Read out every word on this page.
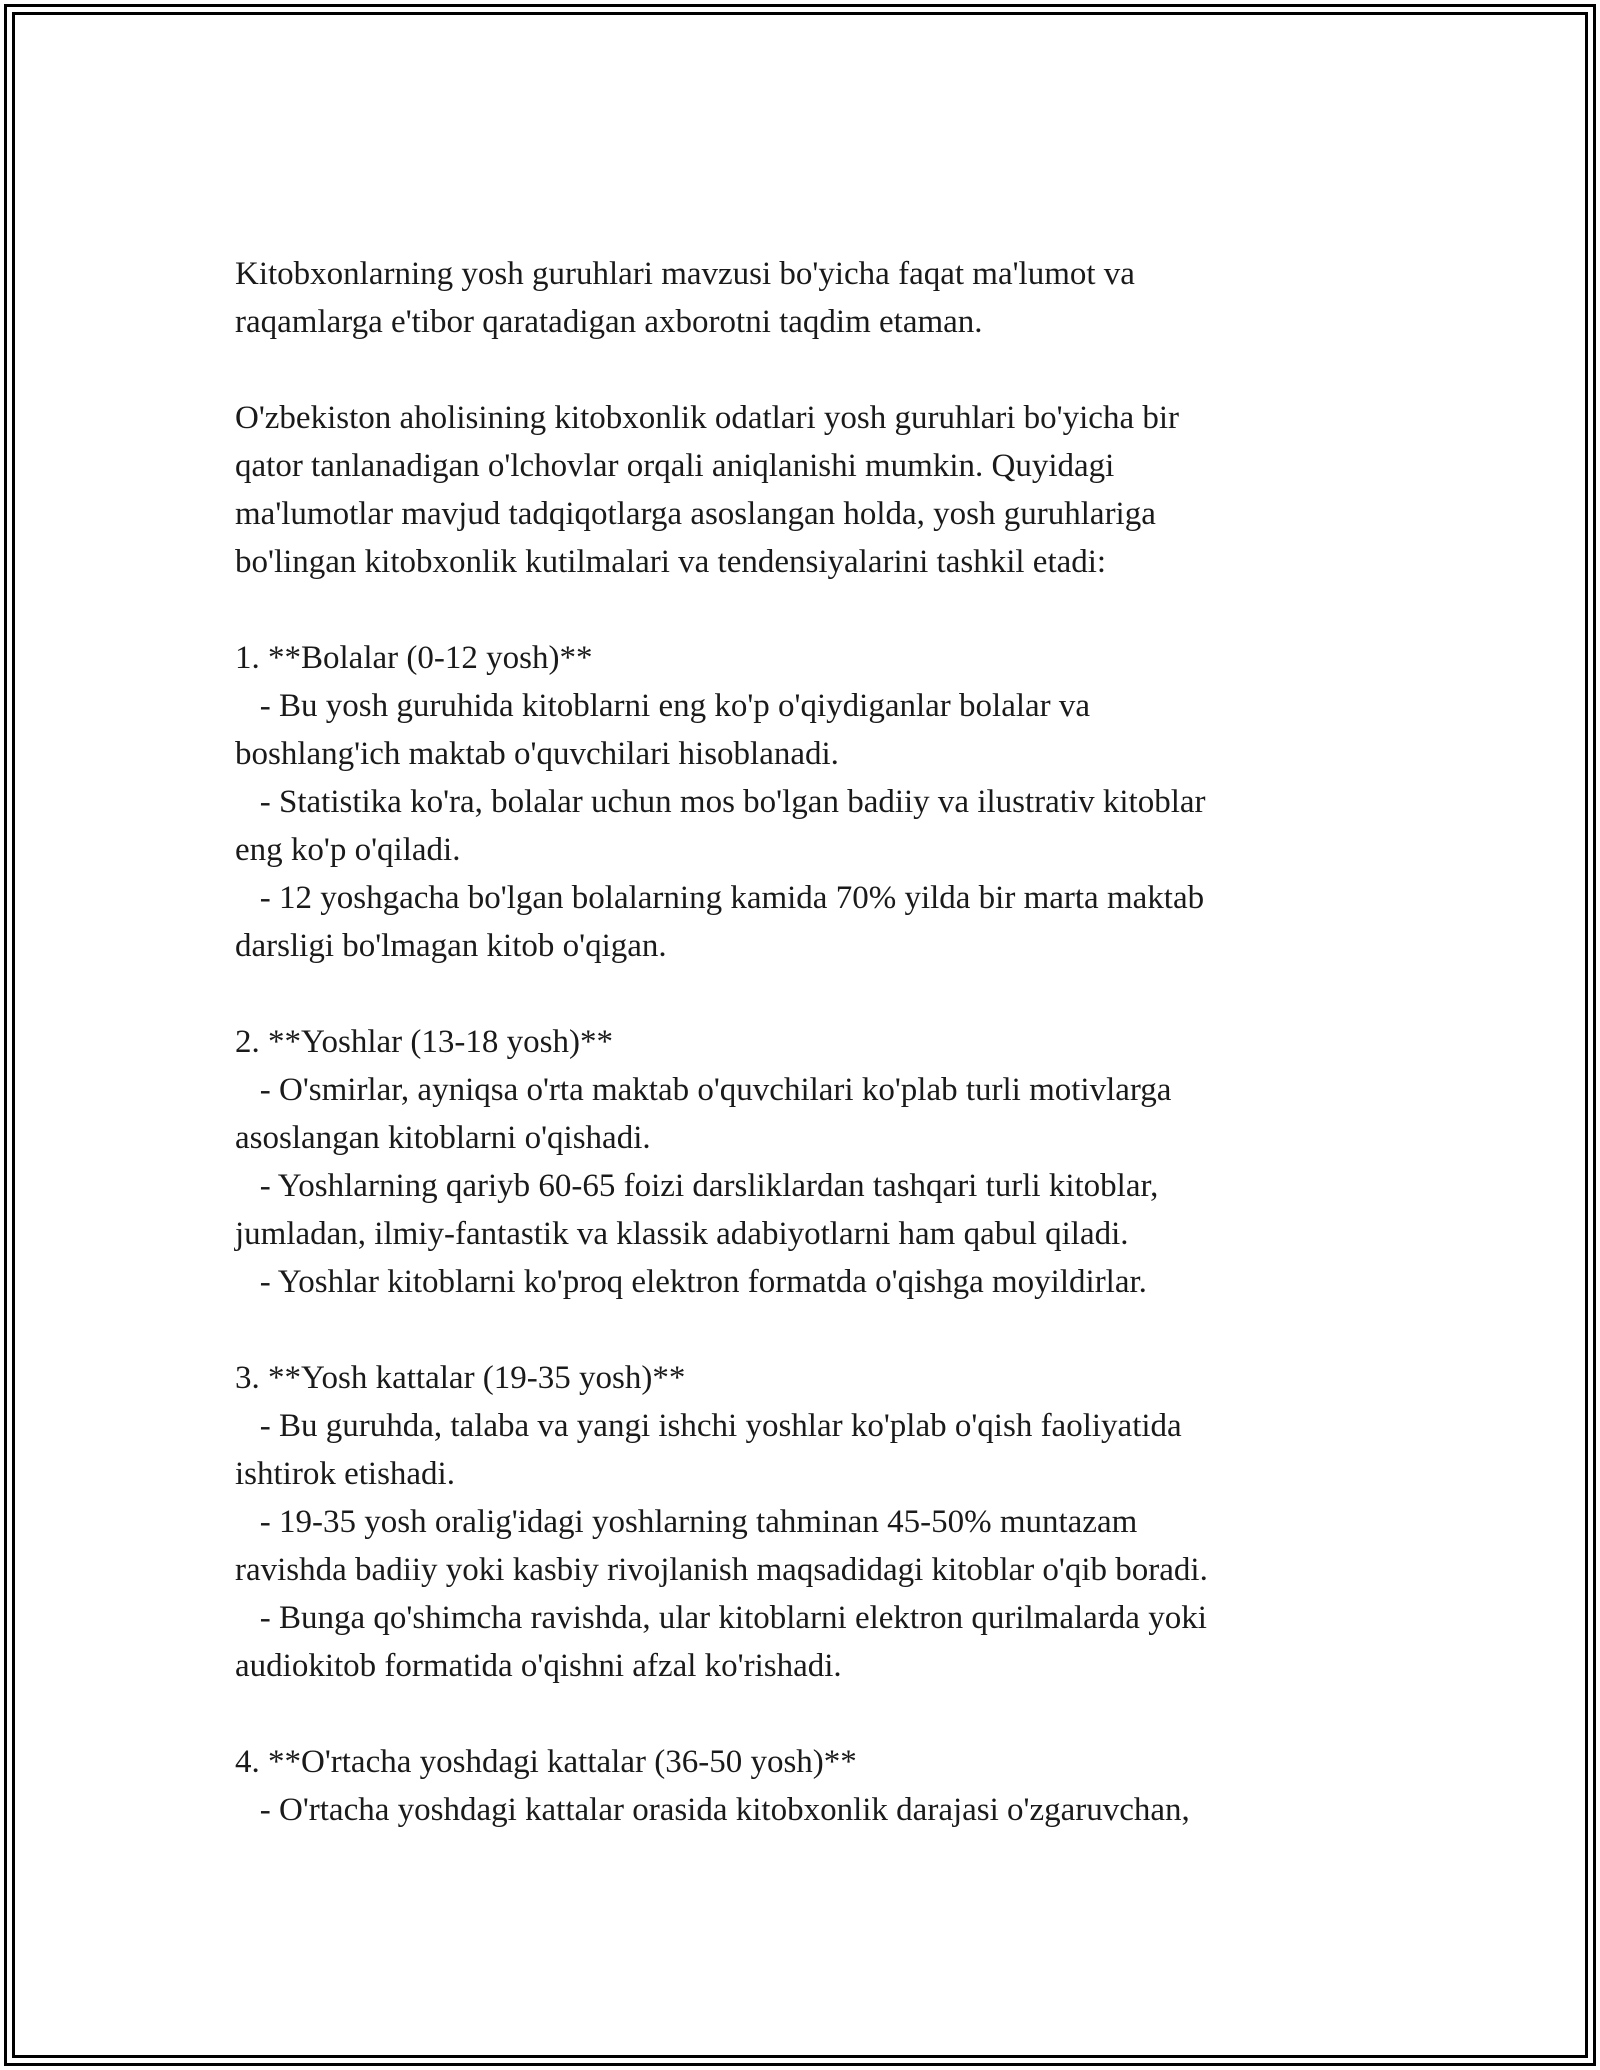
Kitobxonlarning yosh guruhlari mavzusi bo'yicha faqat ma'lumot va
raqamlarga e'tibor qaratadigan axborotni taqdim etaman.
O'zbekiston aholisining kitobxonlik odatlari yosh guruhlari bo'yicha bir
qator tanlanadigan o'lchovlar orqali aniqlanishi mumkin. Quyidagi
ma'lumotlar mavjud tadqiqotlarga asoslangan holda, yosh guruhlariga
bo'lingan kitobxonlik kutilmalari va tendensiyalarini tashkil etadi:
1. **Bolalar (0-12 yosh)**
- Bu yosh guruhida kitoblarni eng ko'p o'qiydiganlar bolalar va
boshlang'ich maktab o'quvchilari hisoblanadi.
- Statistika ko'ra, bolalar uchun mos bo'lgan badiiy va ilustrativ kitoblar
eng ko'p o'qiladi.
- 12 yoshgacha bo'lgan bolalarning kamida 70% yilda bir marta maktab
darsligi bo'lmagan kitob o'qigan.
2. **Yoshlar (13-18 yosh)**
- O'smirlar, ayniqsa o'rta maktab o'quvchilari ko'plab turli motivlarga
asoslangan kitoblarni o'qishadi.
- Yoshlarning qariyb 60-65 foizi darsliklardan tashqari turli kitoblar,
jumladan, ilmiy-fantastik va klassik adabiyotlarni ham qabul qiladi.
- Yoshlar kitoblarni ko'proq elektron formatda o'qishga moyildirlar.
3. **Yosh kattalar (19-35 yosh)**
- Bu guruhda, talaba va yangi ishchi yoshlar ko'plab o'qish faoliyatida
ishtirok etishadi.
- 19-35 yosh oralig'idagi yoshlarning tahminan 45-50% muntazam
ravishda badiiy yoki kasbiy rivojlanish maqsadidagi kitoblar o'qib boradi.
- Bunga qo'shimcha ravishda, ular kitoblarni elektron qurilmalarda yoki
audiokitob formatida o'qishni afzal ko'rishadi.
4. **O'rtacha yoshdagi kattalar (36-50 yosh)**
- O'rtacha yoshdagi kattalar orasida kitobxonlik darajasi o'zgaruvchan,
